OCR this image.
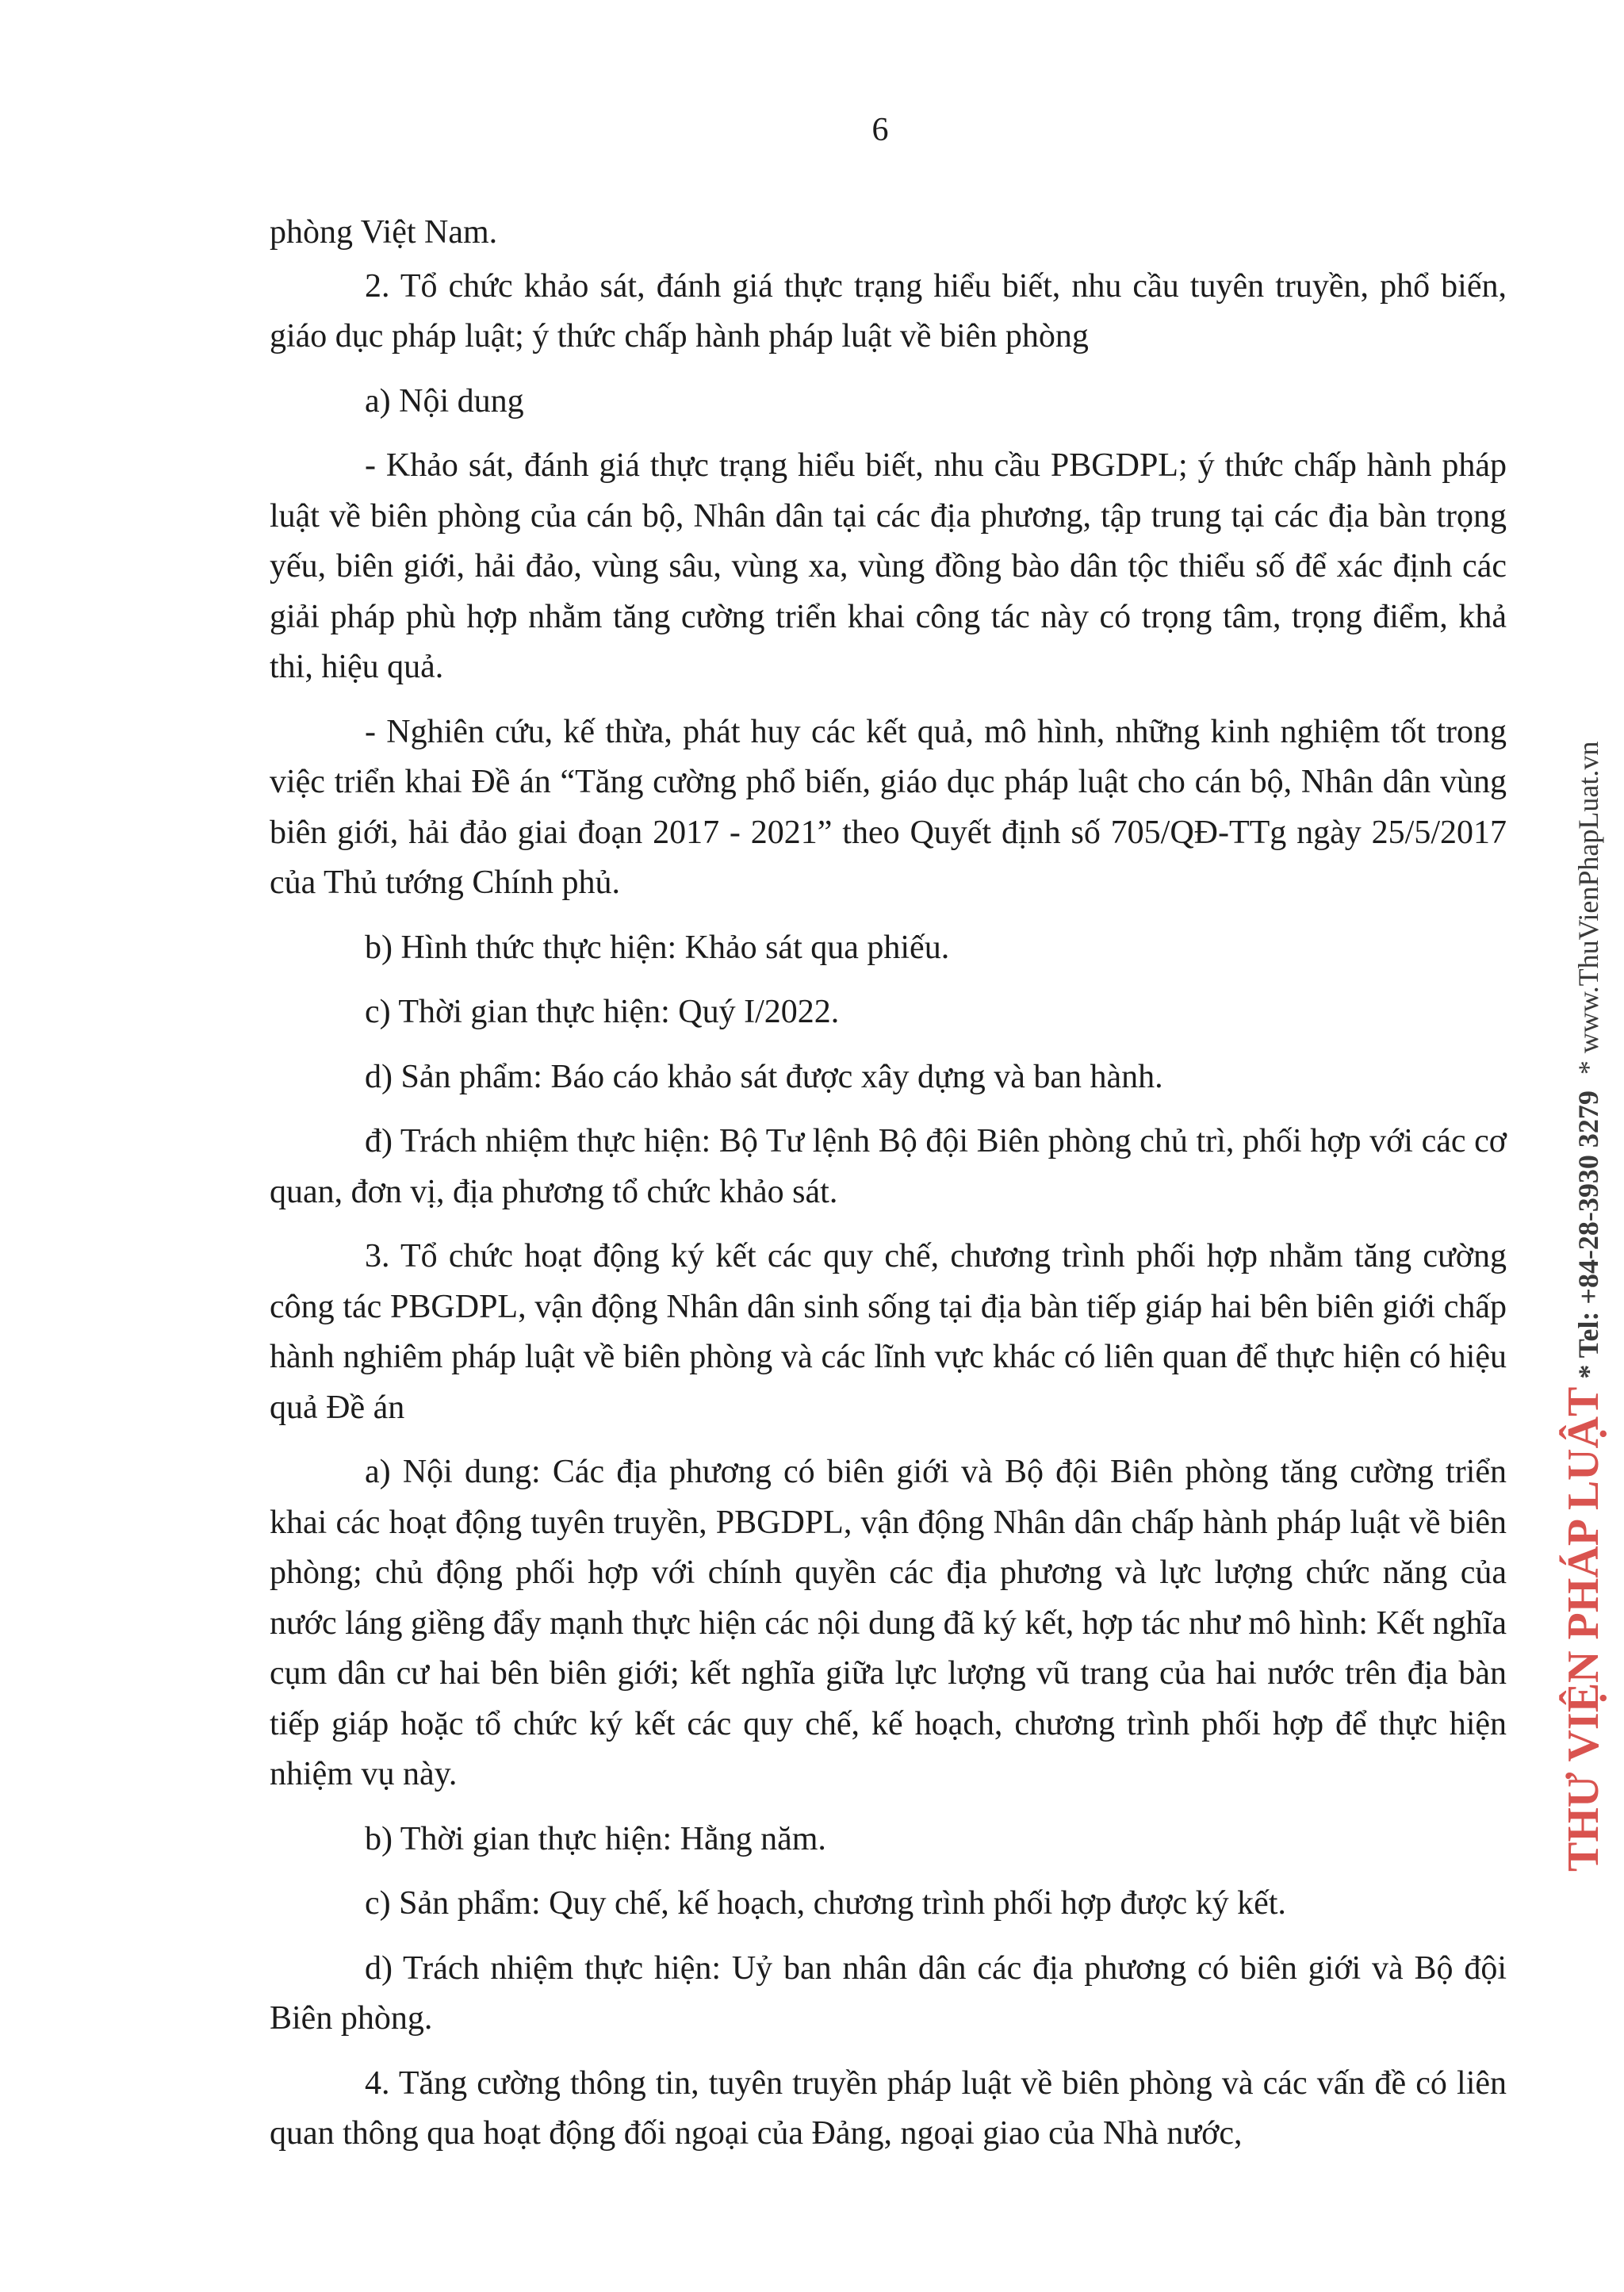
6

phòng Việt Nam.

2. Tổ chức khảo sát, đánh giá thực trạng hiểu biết, nhu cầu tuyên truyền, phổ biến, giáo dục pháp luật; ý thức chấp hành pháp luật về biên phòng

a) Nội dung

- Khảo sát, đánh giá thực trạng hiểu biết, nhu cầu PBGDPL; ý thức chấp hành pháp luật về biên phòng của cán bộ, Nhân dân tại các địa phương, tập trung tại các địa bàn trọng yếu, biên giới, hải đảo, vùng sâu, vùng xa, vùng đồng bào dân tộc thiểu số để xác định các giải pháp phù hợp nhằm tăng cường triển khai công tác này có trọng tâm, trọng điểm, khả thi, hiệu quả.

- Nghiên cứu, kế thừa, phát huy các kết quả, mô hình, những kinh nghiệm tốt trong việc triển khai Đề án “Tăng cường phổ biến, giáo dục pháp luật cho cán bộ, Nhân dân vùng biên giới, hải đảo giai đoạn 2017 - 2021” theo Quyết định số 705/QĐ-TTg ngày 25/5/2017 của Thủ tướng Chính phủ.

b) Hình thức thực hiện: Khảo sát qua phiếu.

c) Thời gian thực hiện: Quý I/2022.

d) Sản phẩm: Báo cáo khảo sát được xây dựng và ban hành.

đ) Trách nhiệm thực hiện: Bộ Tư lệnh Bộ đội Biên phòng chủ trì, phối hợp với các cơ quan, đơn vị, địa phương tổ chức khảo sát.

3. Tổ chức hoạt động ký kết các quy chế, chương trình phối hợp nhằm tăng cường công tác PBGDPL, vận động Nhân dân sinh sống tại địa bàn tiếp giáp hai bên biên giới chấp hành nghiêm pháp luật về biên phòng và các lĩnh vực khác có liên quan để thực hiện có hiệu quả Đề án

a) Nội dung: Các địa phương có biên giới và Bộ đội Biên phòng tăng cường triển khai các hoạt động tuyên truyền, PBGDPL, vận động Nhân dân chấp hành pháp luật về biên phòng; chủ động phối hợp với chính quyền các địa phương và lực lượng chức năng của nước láng giềng đẩy mạnh thực hiện các nội dung đã ký kết, hợp tác như mô hình: Kết nghĩa cụm dân cư hai bên biên giới; kết nghĩa giữa lực lượng vũ trang của hai nước trên địa bàn tiếp giáp hoặc tổ chức ký kết các quy chế, kế hoạch, chương trình phối hợp để thực hiện nhiệm vụ này.

b) Thời gian thực hiện: Hằng năm.

c) Sản phẩm: Quy chế, kế hoạch, chương trình phối hợp được ký kết.

d) Trách nhiệm thực hiện: Uỷ ban nhân dân các địa phương có biên giới và Bộ đội Biên phòng.

4. Tăng cường thông tin, tuyên truyền pháp luật về biên phòng và các vấn đề có liên quan thông qua hoạt động đối ngoại của Đảng, ngoại giao của Nhà nước,

THƯ VIỆN PHÁP LUẬT * Tel: +84-28-3930 3279 * www.ThuVienPhapLuat.vn
